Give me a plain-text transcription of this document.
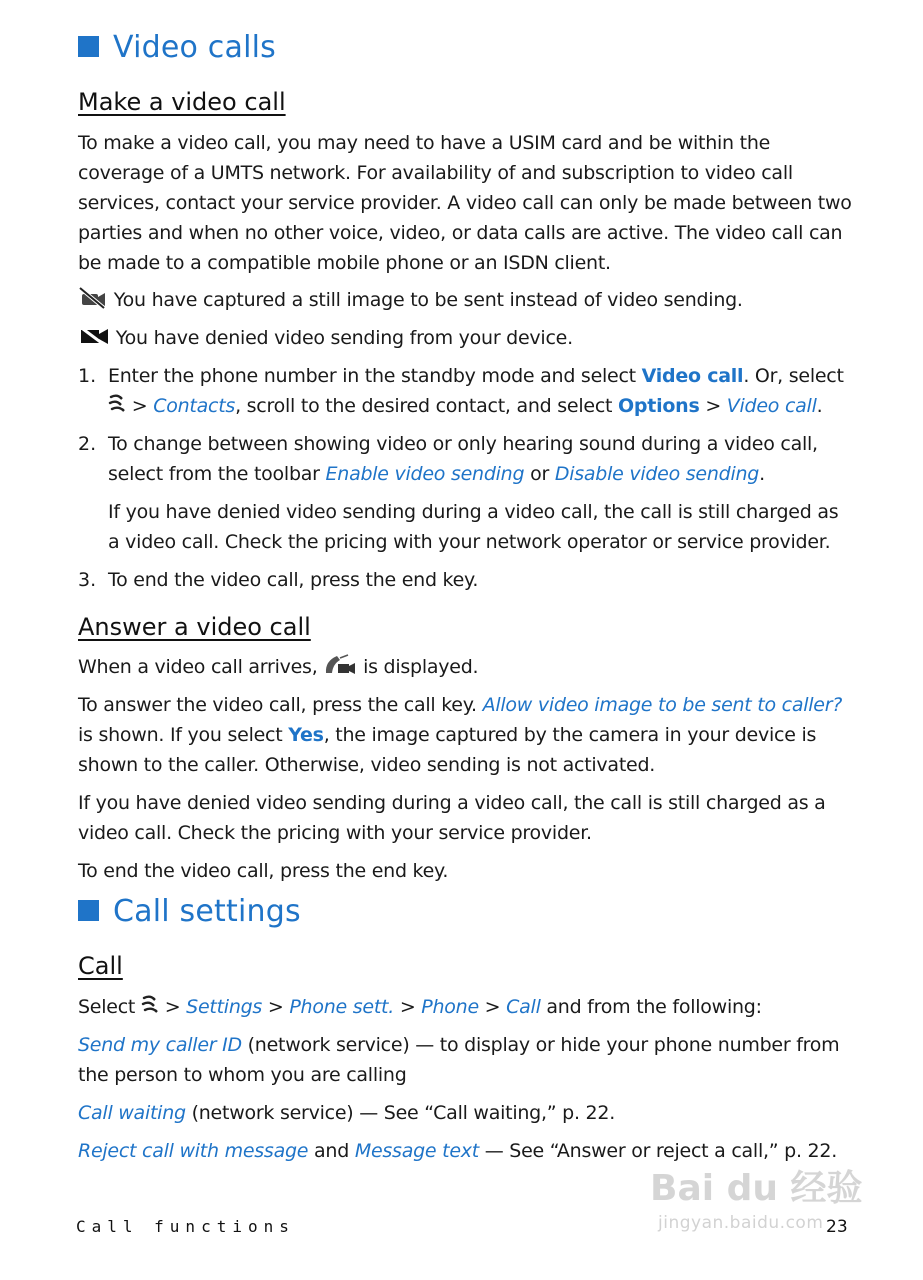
Video calls
Make a video call
To make a video call, you may need to have a USIM card and be within the
coverage of a UMTS network. For availability of and subscription to video call
services, contact your service provider. A video call can only be made between two
parties and when no other voice, video, or data calls are active. The video call can
be made to a compatible mobile phone or an ISDN client.
You have captured a still image to be sent instead of video sending.
You have denied video sending from your device.
1. Enter the phone number in the standby mode and select Video call. Or, select
> Contacts, scroll to the desired contact, and select Options > Video call.
2. To change between showing video or only hearing sound during a video call,
select from the toolbar Enable video sending or Disable video sending.
If you have denied video sending during a video call, the call is still charged as
a video call. Check the pricing with your network operator or service provider.
3. To end the video call, press the end key.
Answer a video call
When a video call arrives,  is displayed.
To answer the video call, press the call key. Allow video image to be sent to caller?
is shown. If you select Yes, the image captured by the camera in your device is
shown to the caller. Otherwise, video sending is not activated.
If you have denied video sending during a video call, the call is still charged as a
video call. Check the pricing with your service provider.
To end the video call, press the end key.
Call settings
Call
Select  > Settings > Phone sett. > Phone > Call and from the following:
Send my caller ID (network service) — to display or hide your phone number from
the person to whom you are calling
Call waiting (network service) — See “Call waiting,” p. 22.
Reject call with message and Message text — See “Answer or reject a call,” p. 22.
Bai du 经验
jingyan.baidu.com
Call functions	23
